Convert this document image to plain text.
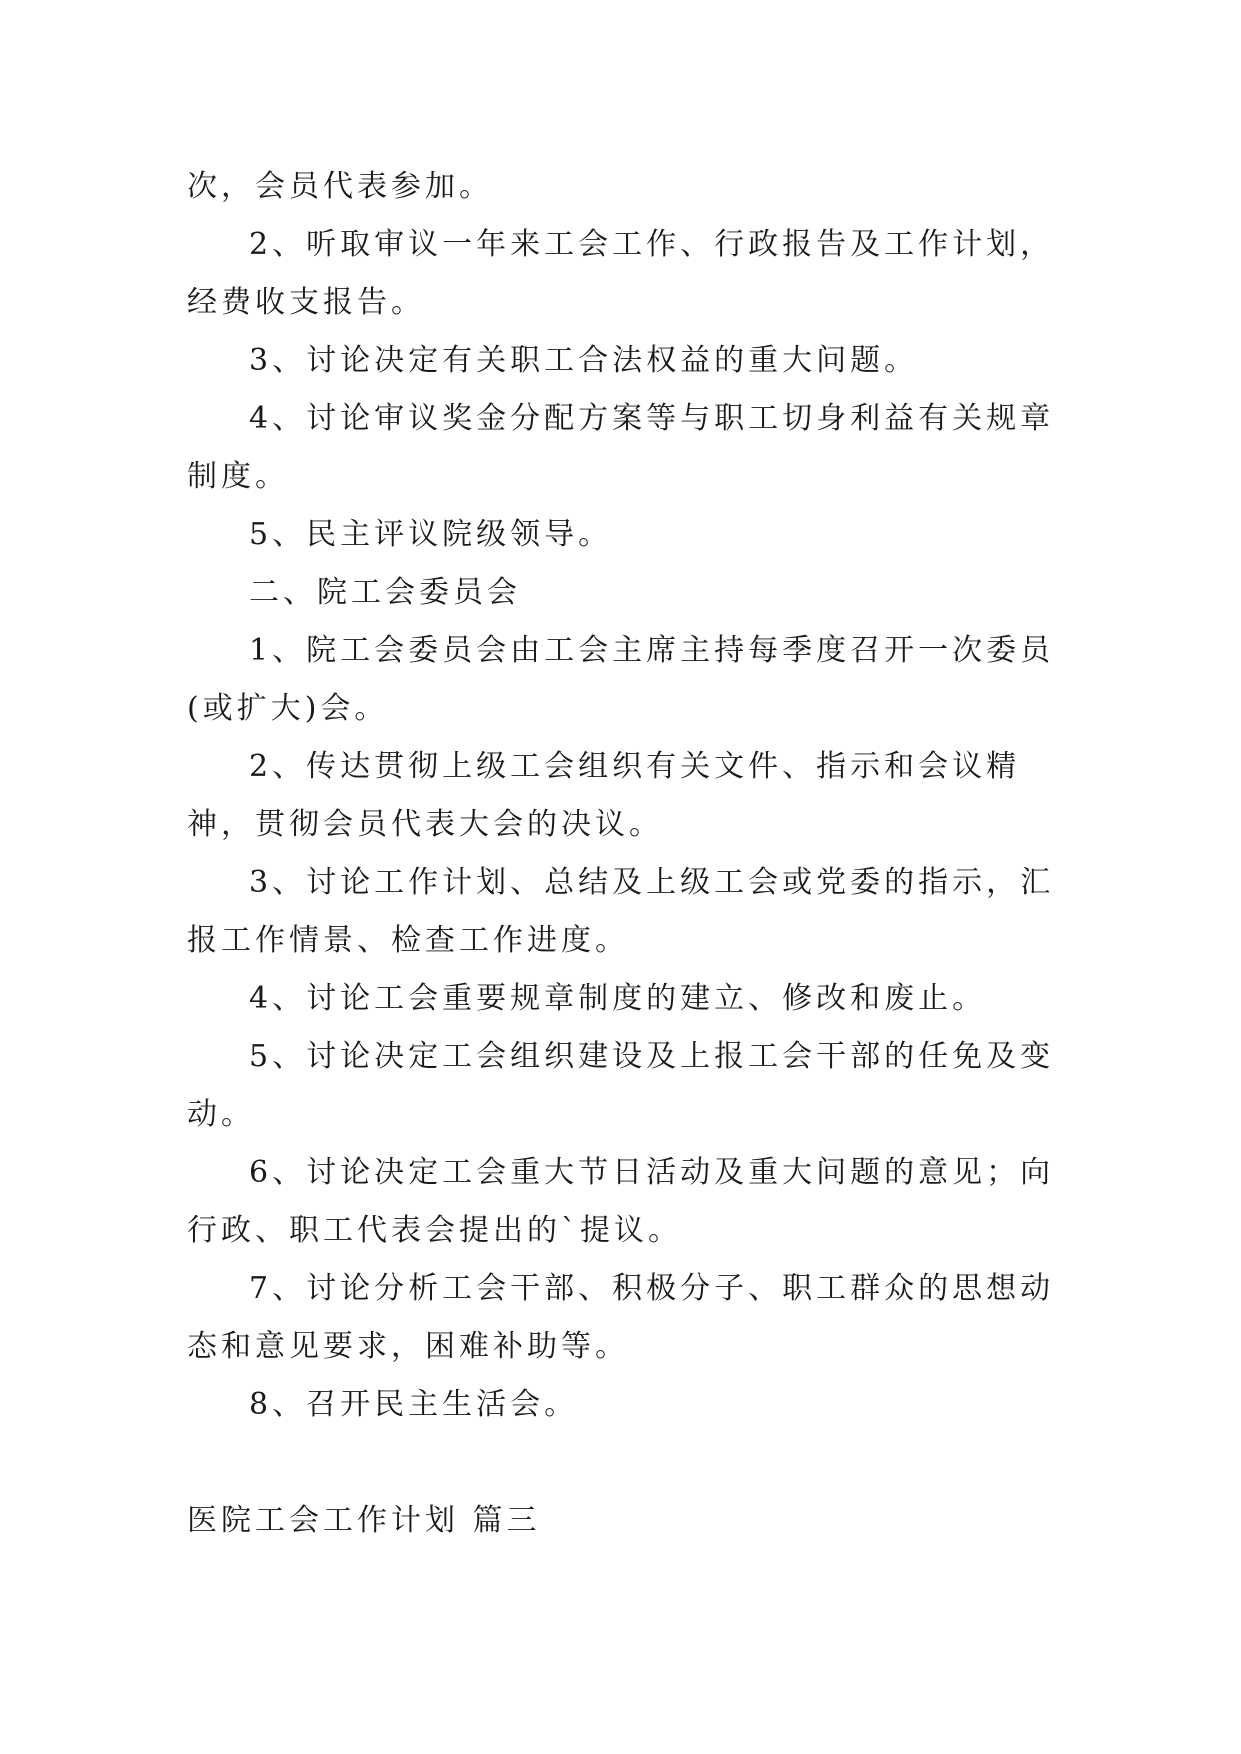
次，会员代表参加。

2、听取审议一年来工会工作、行政报告及工作计划，经费收支报告。

3、讨论决定有关职工合法权益的重大问题。

4、讨论审议奖金分配方案等与职工切身利益有关规章制度。

5、民主评议院级领导。

二、院工会委员会

1、院工会委员会由工会主席主持每季度召开一次委员(或扩大)会。

2、传达贯彻上级工会组织有关文件、指示和会议精神，贯彻会员代表大会的决议。

3、讨论工作计划、总结及上级工会或党委的指示，汇报工作情景、检查工作进度。

4、讨论工会重要规章制度的建立、修改和废止。

5、讨论决定工会组织建设及上报工会干部的任免及变动。

6、讨论决定工会重大节日活动及重大问题的意见；向行政、职工代表会提出的`提议。

7、讨论分析工会干部、积极分子、职工群众的思想动态和意见要求，困难补助等。

8、召开民主生活会。

医院工会工作计划 篇三
